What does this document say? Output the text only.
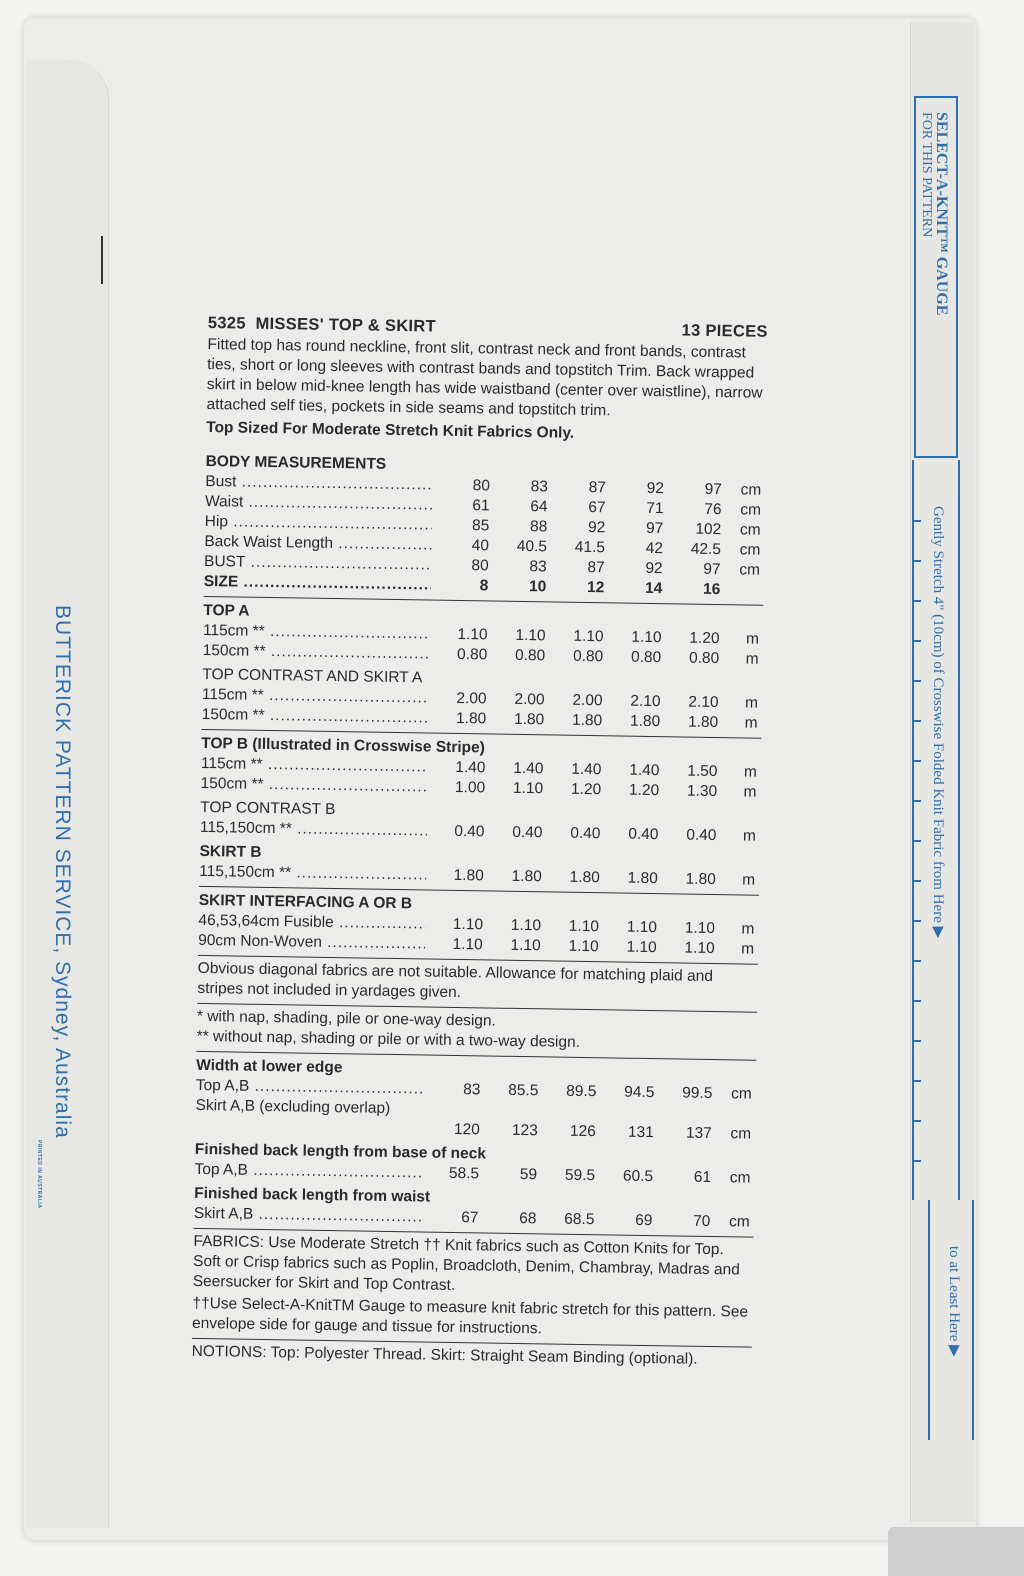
BUTTERICK PATTERN SERVICE, Sydney, Australia
PRINTED IN AUSTRALIA
SELECT-A-KNIT™ GAUGE
FOR THIS PATTERN
Gently Stretch 4" (10cm) of Crosswise Folded Knit Fabric from Here ▶
to at Least Here ▶
5325 MISSES' TOP & SKIRT	13 PIECES
Fitted top has round neckline, front slit, contrast neck and front bands, contrast ties, short or long sleeves with contrast bands and topstitch Trim. Back wrapped skirt in below mid-knee length has wide waistband (center over waistline), narrow attached self ties, pockets in side seams and topstitch trim.
Top Sized For Moderate Stretch Knit Fabrics Only.
BODY MEASUREMENTS
Bust .....	80	83	87	92	97	cm
Waist .....	61	64	67	71	76	cm
Hip .....	85	88	92	97	102	cm
Back Waist Length .....	40	40.5	41.5	42	42.5	cm
BUST .....	80	83	87	92	97	cm
SIZE .....	8	10	12	14	16
TOP A
115cm ** .....	1.10	1.10	1.10	1.10	1.20	m
150cm ** .....	0.80	0.80	0.80	0.80	0.80	m
TOP CONTRAST AND SKIRT A
115cm ** .....	2.00	2.00	2.00	2.10	2.10	m
150cm ** .....	1.80	1.80	1.80	1.80	1.80	m
TOP B (Illustrated in Crosswise Stripe)
115cm ** .....	1.40	1.40	1.40	1.40	1.50	m
150cm ** .....	1.00	1.10	1.20	1.20	1.30	m
TOP CONTRAST B
115,150cm ** .....	0.40	0.40	0.40	0.40	0.40	m
SKIRT B
115,150cm ** .....	1.80	1.80	1.80	1.80	1.80	m
SKIRT INTERFACING A OR B
46,53,64cm Fusible .....	1.10	1.10	1.10	1.10	1.10	m
90cm Non-Woven .....	1.10	1.10	1.10	1.10	1.10	m
Obvious diagonal fabrics are not suitable. Allowance for matching plaid and stripes not included in yardages given.
* with nap, shading, pile or one-way design.
** without nap, shading or pile or with a two-way design.
Width at lower edge
Top A,B .....	83	85.5	89.5	94.5	99.5	cm
Skirt A,B (excluding overlap)
120	123	126	131	137	cm
Finished back length from base of neck
Top A,B .....	58.5	59	59.5	60.5	61	cm
Finished back length from waist
Skirt A,B .....	67	68	68.5	69	70	cm
FABRICS: Use Moderate Stretch †† Knit fabrics such as Cotton Knits for Top. Soft or Crisp fabrics such as Poplin, Broadcloth, Denim, Chambray, Madras and Seersucker for Skirt and Top Contrast.
††Use Select-A-KnitTM Gauge to measure knit fabric stretch for this pattern. See envelope side for gauge and tissue for instructions.
NOTIONS: Top: Polyester Thread. Skirt: Straight Seam Binding (optional).
